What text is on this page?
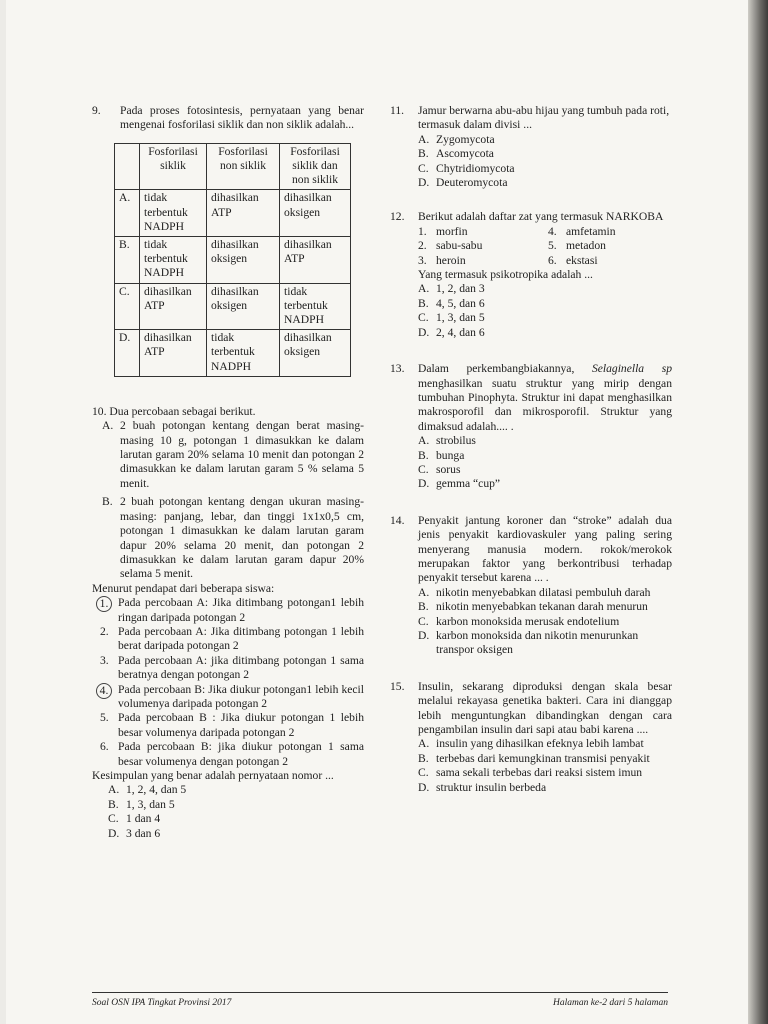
9. Pada proses fotosintesis, pernyataan yang benar mengenai fosforilasi siklik dan non siklik adalah...

	Fosforilasi siklik	Fosforilasi non siklik	Fosforilasi siklik dan non siklik
A.	tidak terbentuk NADPH	dihasilkan ATP	dihasilkan oksigen
B.	tidak terbentuk NADPH	dihasilkan oksigen	dihasilkan ATP
C.	dihasilkan ATP	dihasilkan oksigen	tidak terbentuk NADPH
D.	dihasilkan ATP	tidak terbentuk NADPH	dihasilkan oksigen

10. Dua percobaan sebagai berikut.

A. 2 buah potongan kentang dengan berat masing-masing 10 g, potongan 1 dimasukkan ke dalam larutan garam 20% selama 10 menit dan potongan 2 dimasukkan ke dalam larutan garam 5 % selama 5 menit.
B. 2 buah potongan kentang dengan ukuran masing-masing: panjang, lebar, dan tinggi 1x1x0,5 cm, potongan 1 dimasukkan ke dalam larutan garam dapur 20% selama 20 menit, dan potongan 2 dimasukkan ke dalam larutan garam dapur 20% selama 5 menit.

Menurut pendapat dari beberapa siswa:

1. Pada percobaan A: Jika ditimbang potongan1 lebih ringan daripada potongan 2
2. Pada percobaan A: Jika ditimbang potongan 1 lebih berat daripada potongan 2
3. Pada percobaan A: jika ditimbang potongan 1 sama beratnya dengan potongan 2
4. Pada percobaan B: Jika diukur potongan1 lebih kecil volumenya daripada potongan 2
5. Pada percobaan B : Jika diukur potongan 1 lebih besar volumenya daripada potongan 2
6. Pada percobaan B: jika diukur potongan 1 sama besar volumenya dengan potongan 2

Kesimpulan yang benar adalah pernyataan nomor ...

A. 1, 2, 4, dan 5
B. 1, 3, dan 5
C. 1 dan 4
D. 3 dan 6
11. Jamur berwarna abu-abu hijau yang tumbuh pada roti, termasuk dalam divisi ...

A. Zygomycota
B. Ascomycota
C. Chytridiomycota
D. Deuteromycota
12. Berikut adalah daftar zat yang termasuk NARKOBA

1. morfin	4. amfetamin
2. sabu-sabu	5. metadon
3. heroin	6. ekstasi

Yang termasuk psikotropika adalah ...

A. 1, 2, dan 3
B. 4, 5, dan 6
C. 1, 3, dan 5
D. 2, 4, dan 6
13. Dalam perkembangbiakannya, Selaginella sp menghasilkan suatu struktur yang mirip dengan tumbuhan Pinophyta. Struktur ini dapat menghasilkan makrosporofil dan mikrosporofil. Struktur yang dimaksud adalah.... .

A. strobilus
B. bunga
C. sorus
D. gemma “cup”
14. Penyakit jantung koroner dan “stroke” adalah dua jenis penyakit kardiovaskuler yang paling sering menyerang manusia modern. rokok/merokok merupakan faktor yang berkontribusi terhadap penyakit tersebut karena ... .

A. nikotin menyebabkan dilatasi pembuluh darah
B. nikotin menyebabkan tekanan darah menurun
C. karbon monoksida merusak endotelium
D. karbon monoksida dan nikotin menurunkan transpor oksigen
15. Insulin, sekarang diproduksi dengan skala besar melalui rekayasa genetika bakteri. Cara ini dianggap lebih menguntungkan dibandingkan dengan cara pengambilan insulin dari sapi atau babi karena ....

A. insulin yang dihasilkan efeknya lebih lambat
B. terbebas dari kemungkinan transmisi penyakit
C. sama sekali terbebas dari reaksi sistem imun
D. struktur insulin berbeda
Soal OSN IPA Tingkat Provinsi 2017	Halaman ke-2 dari 5 halaman
